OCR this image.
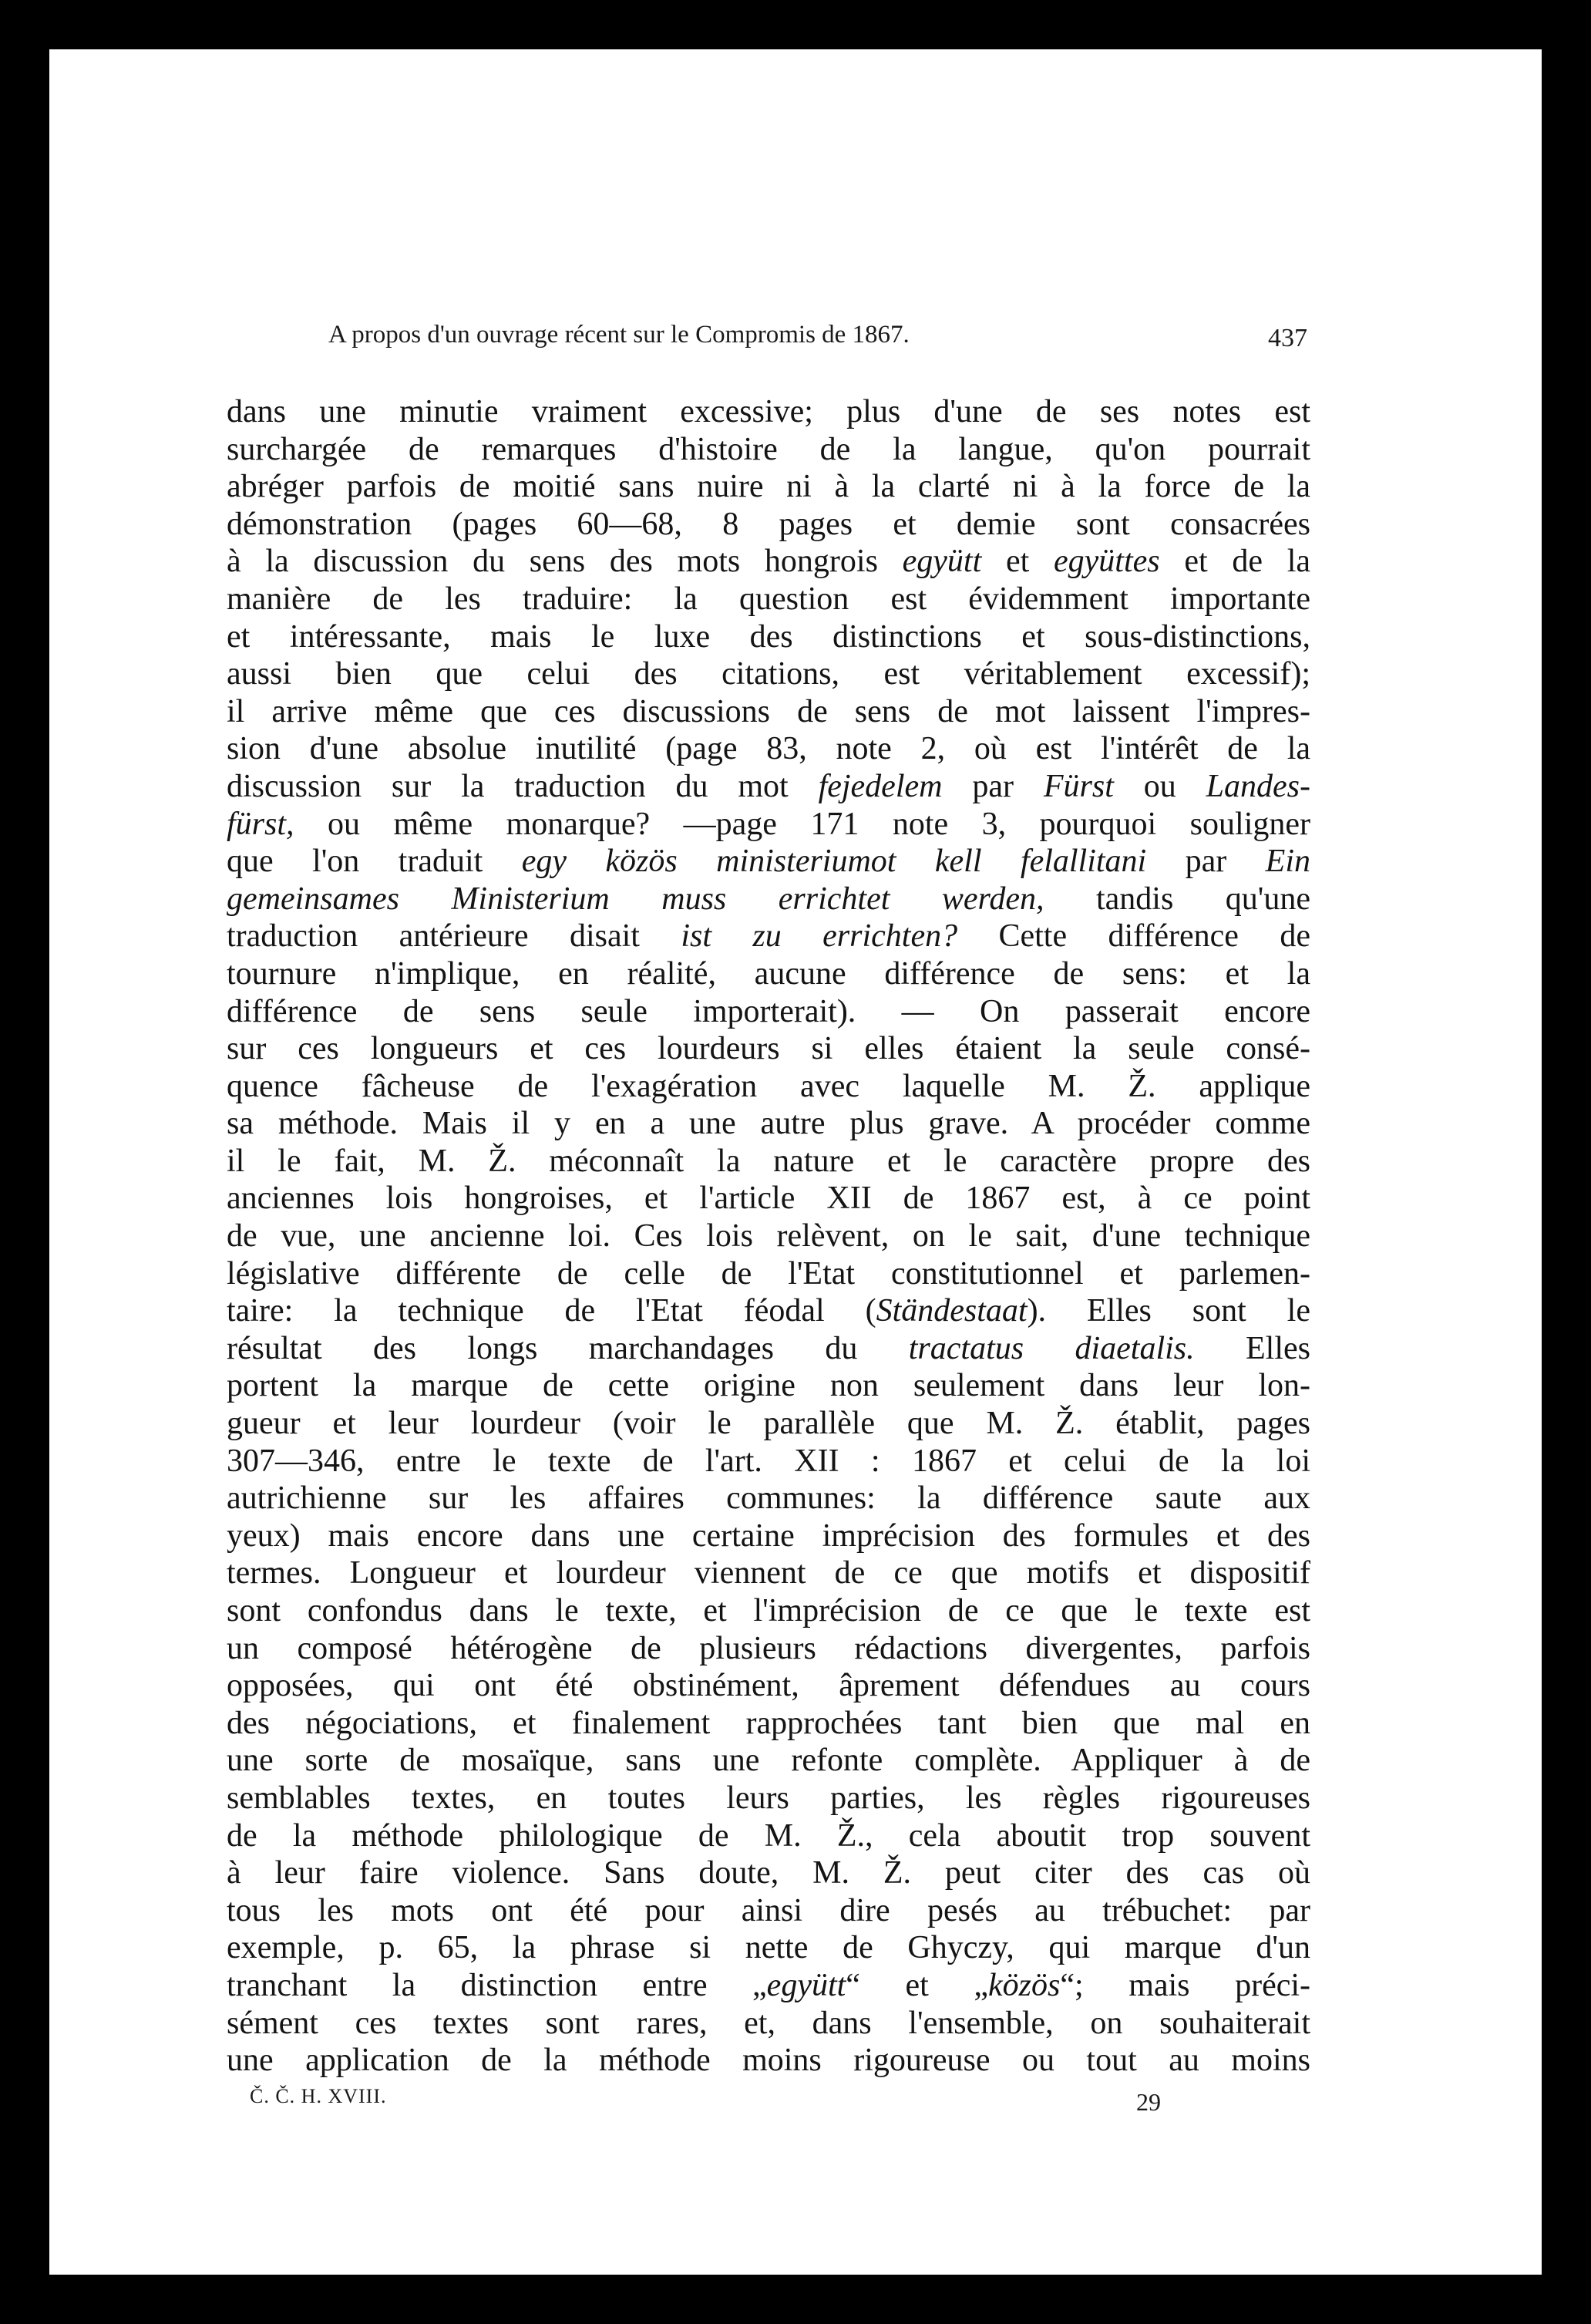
A propos d'un ouvrage récent sur le Compromis de 1867.	437
dans une minutie vraiment excessive; plus d'une de ses notes est
surchargée de remarques d'histoire de la langue, qu'on pourrait
abréger parfois de moitié sans nuire ni à la clarté ni à la force de la
démonstration (pages 60—68, 8 pages et demie sont consacrées
à la discussion du sens des mots hongrois együtt et együttes et de la
manière de les traduire: la question est évidemment importante
et intéressante, mais le luxe des distinctions et sous-distinctions,
aussi bien que celui des citations, est véritablement excessif);
il arrive même que ces discussions de sens de mot laissent l'impres-
sion d'une absolue inutilité (page 83, note 2, où est l'intérêt de la
discussion sur la traduction du mot fejedelem par Fürst ou Landes-
fürst, ou même monarque? —page 171 note 3, pourquoi souligner
que l'on traduit egy közös ministeriumot kell felallitani par Ein
gemeinsames Ministerium muss errichtet werden, tandis qu'une
traduction antérieure disait ist zu errichten? Cette différence de
tournure n'implique, en réalité, aucune différence de sens: et la
différence de sens seule importerait). — On passerait encore
sur ces longueurs et ces lourdeurs si elles étaient la seule consé-
quence fâcheuse de l'exagération avec laquelle M. Ž. applique
sa méthode. Mais il y en a une autre plus grave. A procéder comme
il le fait, M. Ž. méconnaît la nature et le caractère propre des
anciennes lois hongroises, et l'article XII de 1867 est, à ce point
de vue, une ancienne loi. Ces lois relèvent, on le sait, d'une technique
législative différente de celle de l'Etat constitutionnel et parlemen-
taire: la technique de l'Etat féodal (Ständestaat). Elles sont le
résultat des longs marchandages du tractatus diaetalis. Elles
portent la marque de cette origine non seulement dans leur lon-
gueur et leur lourdeur (voir le parallèle que M. Ž. établit, pages
307—346, entre le texte de l'art. XII : 1867 et celui de la loi
autrichienne sur les affaires communes: la différence saute aux
yeux) mais encore dans une certaine imprécision des formules et des
termes. Longueur et lourdeur viennent de ce que motifs et dispositif
sont confondus dans le texte, et l'imprécision de ce que le texte est
un composé hétérogène de plusieurs rédactions divergentes, parfois
opposées, qui ont été obstinément, âprement défendues au cours
des négociations, et finalement rapprochées tant bien que mal en
une sorte de mosaïque, sans une refonte complète. Appliquer à de
semblables textes, en toutes leurs parties, les règles rigoureuses
de la méthode philologique de M. Ž., cela aboutit trop souvent
à leur faire violence. Sans doute, M. Ž. peut citer des cas où
tous les mots ont été pour ainsi dire pesés au trébuchet: par
exemple, p. 65, la phrase si nette de Ghyczy, qui marque d'un
tranchant la distinction entre „együtt“ et „közös“; mais préci-
sément ces textes sont rares, et, dans l'ensemble, on souhaiterait
une application de la méthode moins rigoureuse ou tout au moins
Č. Č. H. XVIII.	29
